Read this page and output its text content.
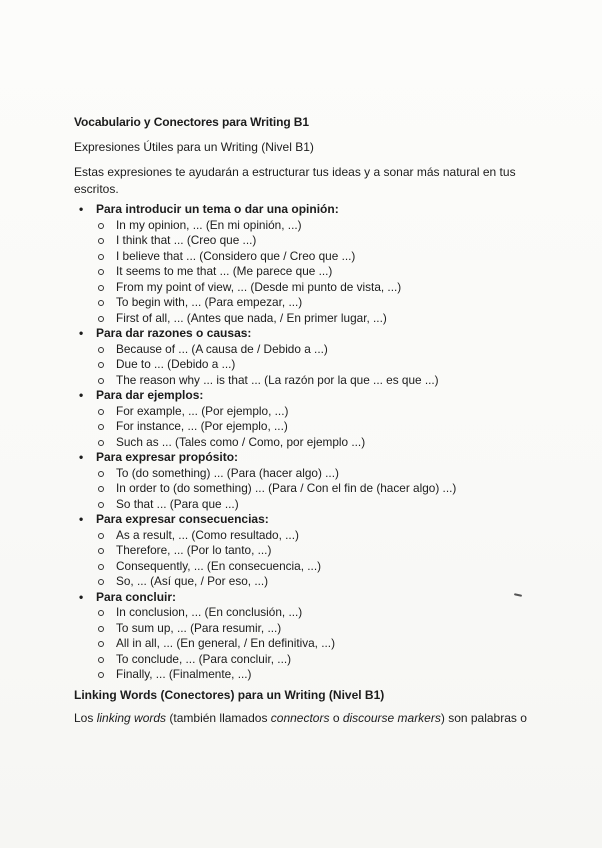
Vocabulario y Conectores para Writing B1
Expresiones Útiles para un Writing (Nivel B1)
Estas expresiones te ayudarán a estructurar tus ideas y a sonar más natural en tus escritos.
• Para introducir un tema o dar una opinión:
In my opinion, ... (En mi opinión, ...)
I think that ... (Creo que ...)
I believe that ... (Considero que / Creo que ...)
It seems to me that ... (Me parece que ...)
From my point of view, ... (Desde mi punto de vista, ...)
To begin with, ... (Para empezar, ...)
First of all, ... (Antes que nada, / En primer lugar, ...)
• Para dar razones o causas:
Because of ... (A causa de / Debido a ...)
Due to ... (Debido a ...)
The reason why ... is that ... (La razón por la que ... es que ...)
• Para dar ejemplos:
For example, ... (Por ejemplo, ...)
For instance, ... (Por ejemplo, ...)
Such as ... (Tales como / Como, por ejemplo ...)
• Para expresar propósito:
To (do something) ... (Para (hacer algo) ...)
In order to (do something) ... (Para / Con el fin de (hacer algo) ...)
So that ... (Para que ...)
• Para expresar consecuencias:
As a result, ... (Como resultado, ...)
Therefore, ... (Por lo tanto, ...)
Consequently, ... (En consecuencia, ...)
So, ... (Así que, / Por eso, ...)
• Para concluir:
In conclusion, ... (En conclusión, ...)
To sum up, ... (Para resumir, ...)
All in all, ... (En general, / En definitiva, ...)
To conclude, ... (Para concluir, ...)
Finally, ... (Finalmente, ...)
Linking Words (Conectores) para un Writing (Nivel B1)

Los linking words (también llamados connectors o discourse markers) son palabras o
